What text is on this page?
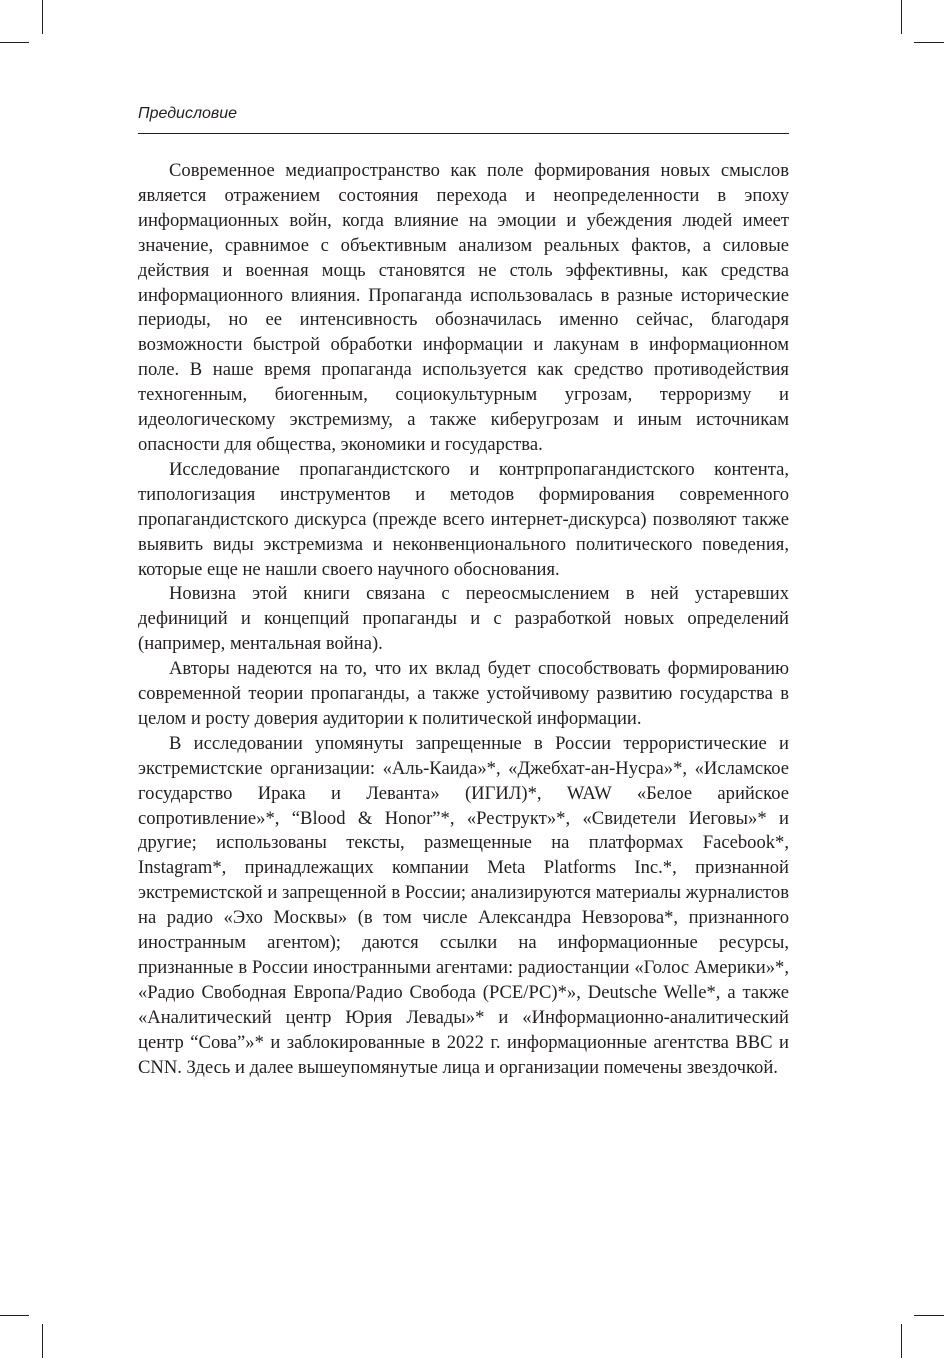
Предисловие

Современное медиапространство как поле формирования новых смыслов является отражением состояния перехода и неопределенности в эпоху информационных войн, когда влияние на эмоции и убеждения людей имеет значение, сравнимое с объективным анализом реальных фактов, а силовые действия и военная мощь становятся не столь эффективны, как средства информационного влияния. Пропаганда использовалась в разные исторические периоды, но ее интенсивность обозначилась именно сейчас, благодаря возможности быстрой обработки информации и лакунам в информационном поле. В наше время пропаганда используется как средство противодействия техногенным, биогенным, социокультурным угрозам, терроризму и идеологическому экстремизму, а также киберугрозам и иным источникам опасности для общества, экономики и государства.

Исследование пропагандистского и контрпропагандистского контента, типологизация инструментов и методов формирования современного пропагандистского дискурса (прежде всего интернет-дискурса) позволяют также выявить виды экстремизма и неконвенционального политического поведения, которые еще не нашли своего научного обоснования.

Новизна этой книги связана с переосмыслением в ней устаревших дефиниций и концепций пропаганды и с разработкой новых определений (например, ментальная война).

Авторы надеются на то, что их вклад будет способствовать формированию современной теории пропаганды, а также устойчивому развитию государства в целом и росту доверия аудитории к политической информации.

В исследовании упомянуты запрещенные в России террористические и экстремистские организации: «Аль-Каида»*, «Джебхат-ан-Нусра»*, «Исламское государство Ирака и Леванта» (ИГИЛ)*, WAW «Белое арийское сопротивление»*, “Blood & Honor”*, «Реструкт»*, «Свидетели Иеговы»* и другие; использованы тексты, размещенные на платформах Facebook*, Instagram*, принадлежащих компании Meta Platforms Inc.*, признанной экстремистской и запрещенной в России; анализируются материалы журналистов на радио «Эхо Москвы» (в том числе Александра Невзорова*, признанного иностранным агентом); даются ссылки на информационные ресурсы, признанные в России иностранными агентами: радиостанции «Голос Америки»*, «Радио Свободная Европа/Радио Свобода (РСЕ/РС)*», Deutsche Welle*, а также «Аналитический центр Юрия Левады»* и «Информационно-аналитический центр “Сова”»* и заблокированные в 2022 г. информационные агентства BBC и CNN. Здесь и далее вышеупомянутые лица и организации помечены звездочкой.
